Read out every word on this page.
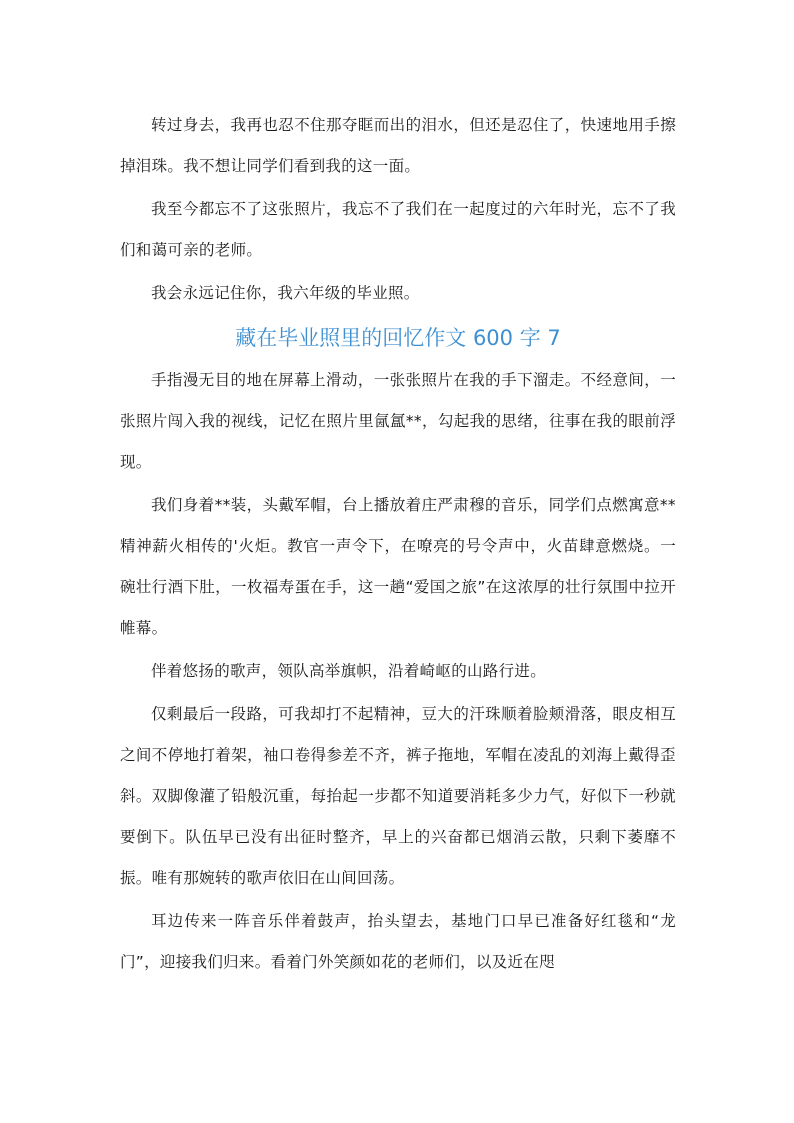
转过身去，我再也忍不住那夺眶而出的泪水，但还是忍住了，快速地用手擦掉泪珠。我不想让同学们看到我的这一面。

我至今都忘不了这张照片，我忘不了我们在一起度过的六年时光，忘不了我们和蔼可亲的老师。

我会永远记住你，我六年级的毕业照。

藏在毕业照里的回忆作文 600 字 7

手指漫无目的地在屏幕上滑动，一张张照片在我的手下溜走。不经意间，一张照片闯入我的视线，记忆在照片里氤氲**，勾起我的思绪，往事在我的眼前浮现。

我们身着**装，头戴军帽，台上播放着庄严肃穆的音乐，同学们点燃寓意**精神薪火相传的'火炬。教官一声令下，在嘹亮的号令声中，火苗肆意燃烧。一碗壮行酒下肚，一枚福寿蛋在手，这一趟“爱国之旅”在这浓厚的壮行氛围中拉开帷幕。

伴着悠扬的歌声，领队高举旗帜，沿着崎岖的山路行进。

仅剩最后一段路，可我却打不起精神，豆大的汗珠顺着脸颊滑落，眼皮相互之间不停地打着架，袖口卷得参差不齐，裤子拖地，军帽在凌乱的刘海上戴得歪斜。双脚像灌了铅般沉重，每抬起一步都不知道要消耗多少力气，好似下一秒就要倒下。队伍早已没有出征时整齐，早上的兴奋都已烟消云散，只剩下萎靡不振。唯有那婉转的歌声依旧在山间回荡。

耳边传来一阵音乐伴着鼓声，抬头望去，基地门口早已准备好红毯和“龙门”，迎接我们归来。看着门外笑颜如花的老师们，以及近在咫
